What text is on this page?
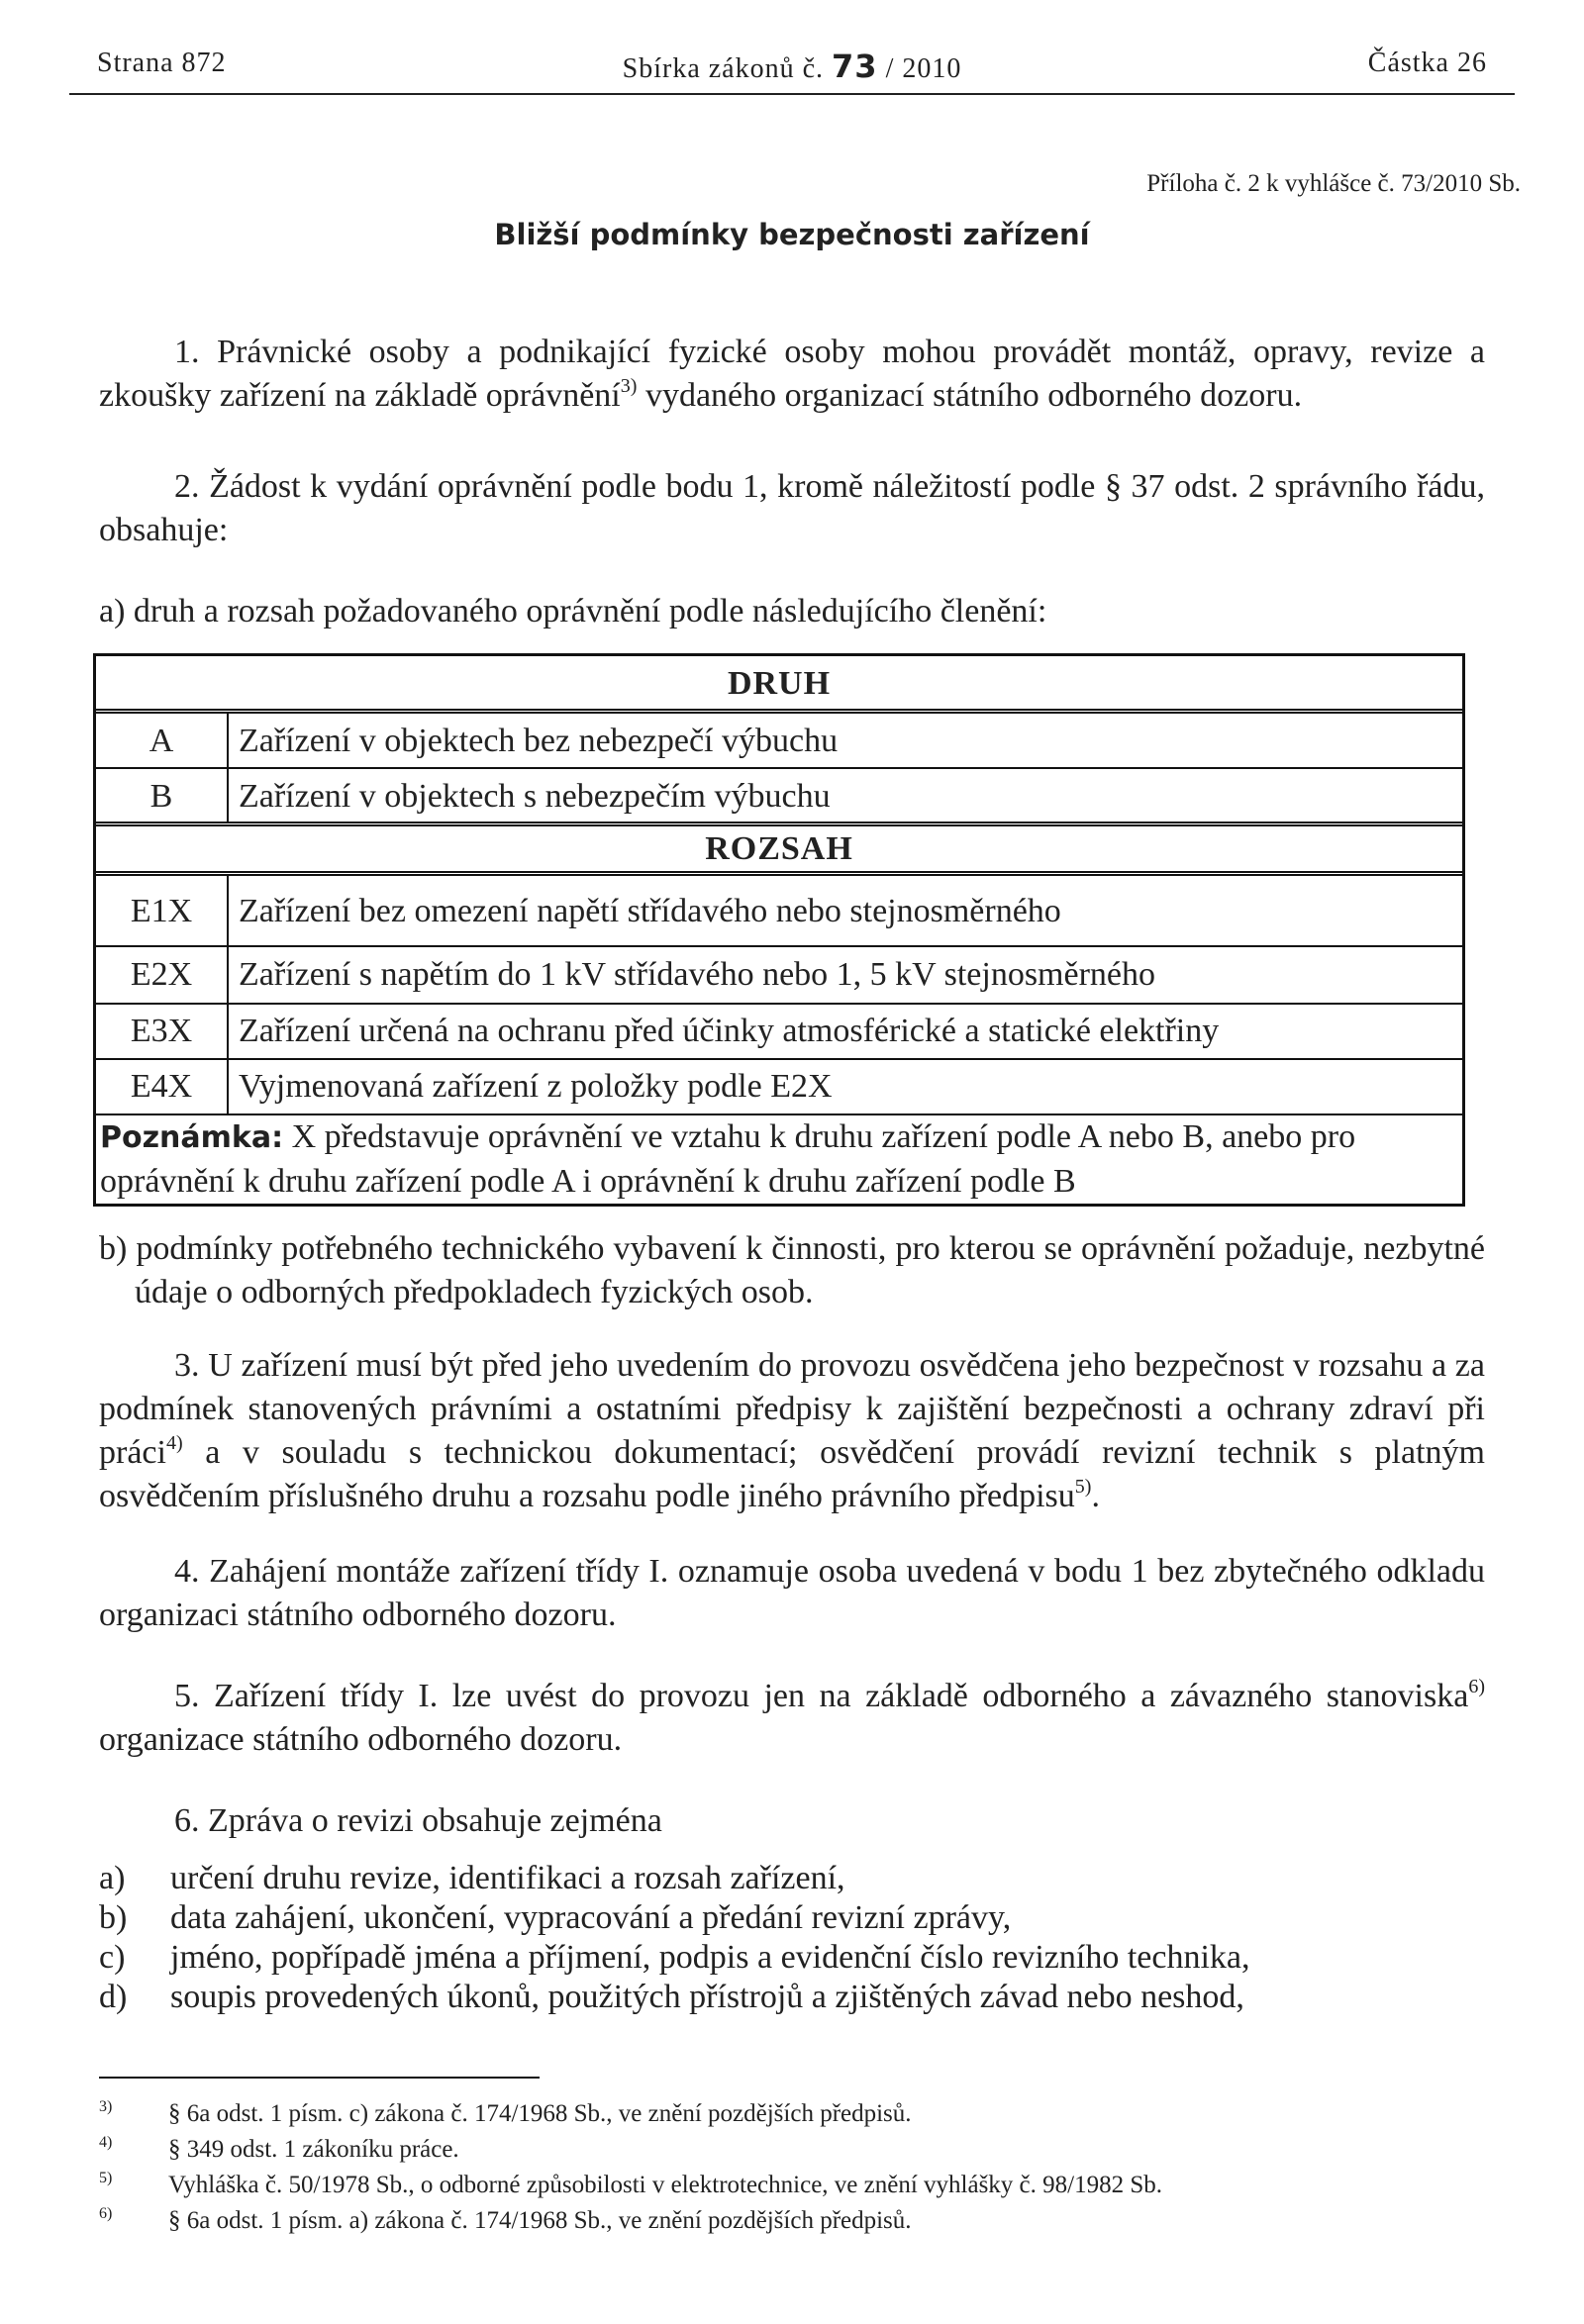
Strana 872	Sbírka zákonů č. 73 / 2010	Částka 26
Příloha č. 2 k vyhlášce č. 73/2010 Sb.
Bližší podmínky bezpečnosti zařízení
1. Právnické osoby a podnikající fyzické osoby mohou provádět montáž, opravy, revize a zkoušky zařízení na základě oprávnění$^{3)}$ vydaného organizací státního odborného dozoru.
2. Žádost k vydání oprávnění podle bodu 1, kromě náležitostí podle § 37 odst. 2 správního řádu, obsahuje:
a) druh a rozsah požadovaného oprávnění podle následujícího členění:
DRUH
A	Zařízení v objektech bez nebezpečí výbuchu
B	Zařízení v objektech s nebezpečím výbuchu
ROZSAH
E1X	Zařízení bez omezení napětí střídavého nebo stejnosměrného
E2X	Zařízení s napětím do 1 kV střídavého nebo 1, 5 kV stejnosměrného
E3X	Zařízení určená na ochranu před účinky atmosférické a statické elektřiny
E4X	Vyjmenovaná zařízení z položky podle E2X
Poznámka: X představuje oprávnění ve vztahu k druhu zařízení podle A nebo B, anebo pro oprávnění k druhu zařízení podle A i oprávnění k druhu zařízení podle B
b) podmínky potřebného technického vybavení k činnosti, pro kterou se oprávnění požaduje, nezbytné údaje o odborných předpokladech fyzických osob.
3. U zařízení musí být před jeho uvedením do provozu osvědčena jeho bezpečnost v rozsahu a za podmínek stanovených právními a ostatními předpisy k zajištění bezpečnosti a ochrany zdraví při práci$^{4)}$ a v souladu s technickou dokumentací; osvědčení provádí revizní technik s platným osvědčením příslušného druhu a rozsahu podle jiného právního předpisu$^{5)}$.
4. Zahájení montáže zařízení třídy I. oznamuje osoba uvedená v bodu 1 bez zbytečného odkladu organizaci státního odborného dozoru.
5. Zařízení třídy I. lze uvést do provozu jen na základě odborného a závazného stanoviska$^{6)}$ organizace státního odborného dozoru.
6. Zpráva o revizi obsahuje zejména
a)	určení druhu revize, identifikaci a rozsah zařízení,
b)	data zahájení, ukončení, vypracování a předání revizní zprávy,
c)	jméno, popřípadě jména a příjmení, podpis a evidenční číslo revizního technika,
d)	soupis provedených úkonů, použitých přístrojů a zjištěných závad nebo neshod,
3)	§ 6a odst. 1 písm. c) zákona č. 174/1968 Sb., ve znění pozdějších předpisů.
4)	§ 349 odst. 1 zákoníku práce.
5)	Vyhláška č. 50/1978 Sb., o odborné způsobilosti v elektrotechnice, ve znění vyhlášky č. 98/1982 Sb.
6)	§ 6a odst. 1 písm. a) zákona č. 174/1968 Sb., ve znění pozdějších předpisů.
